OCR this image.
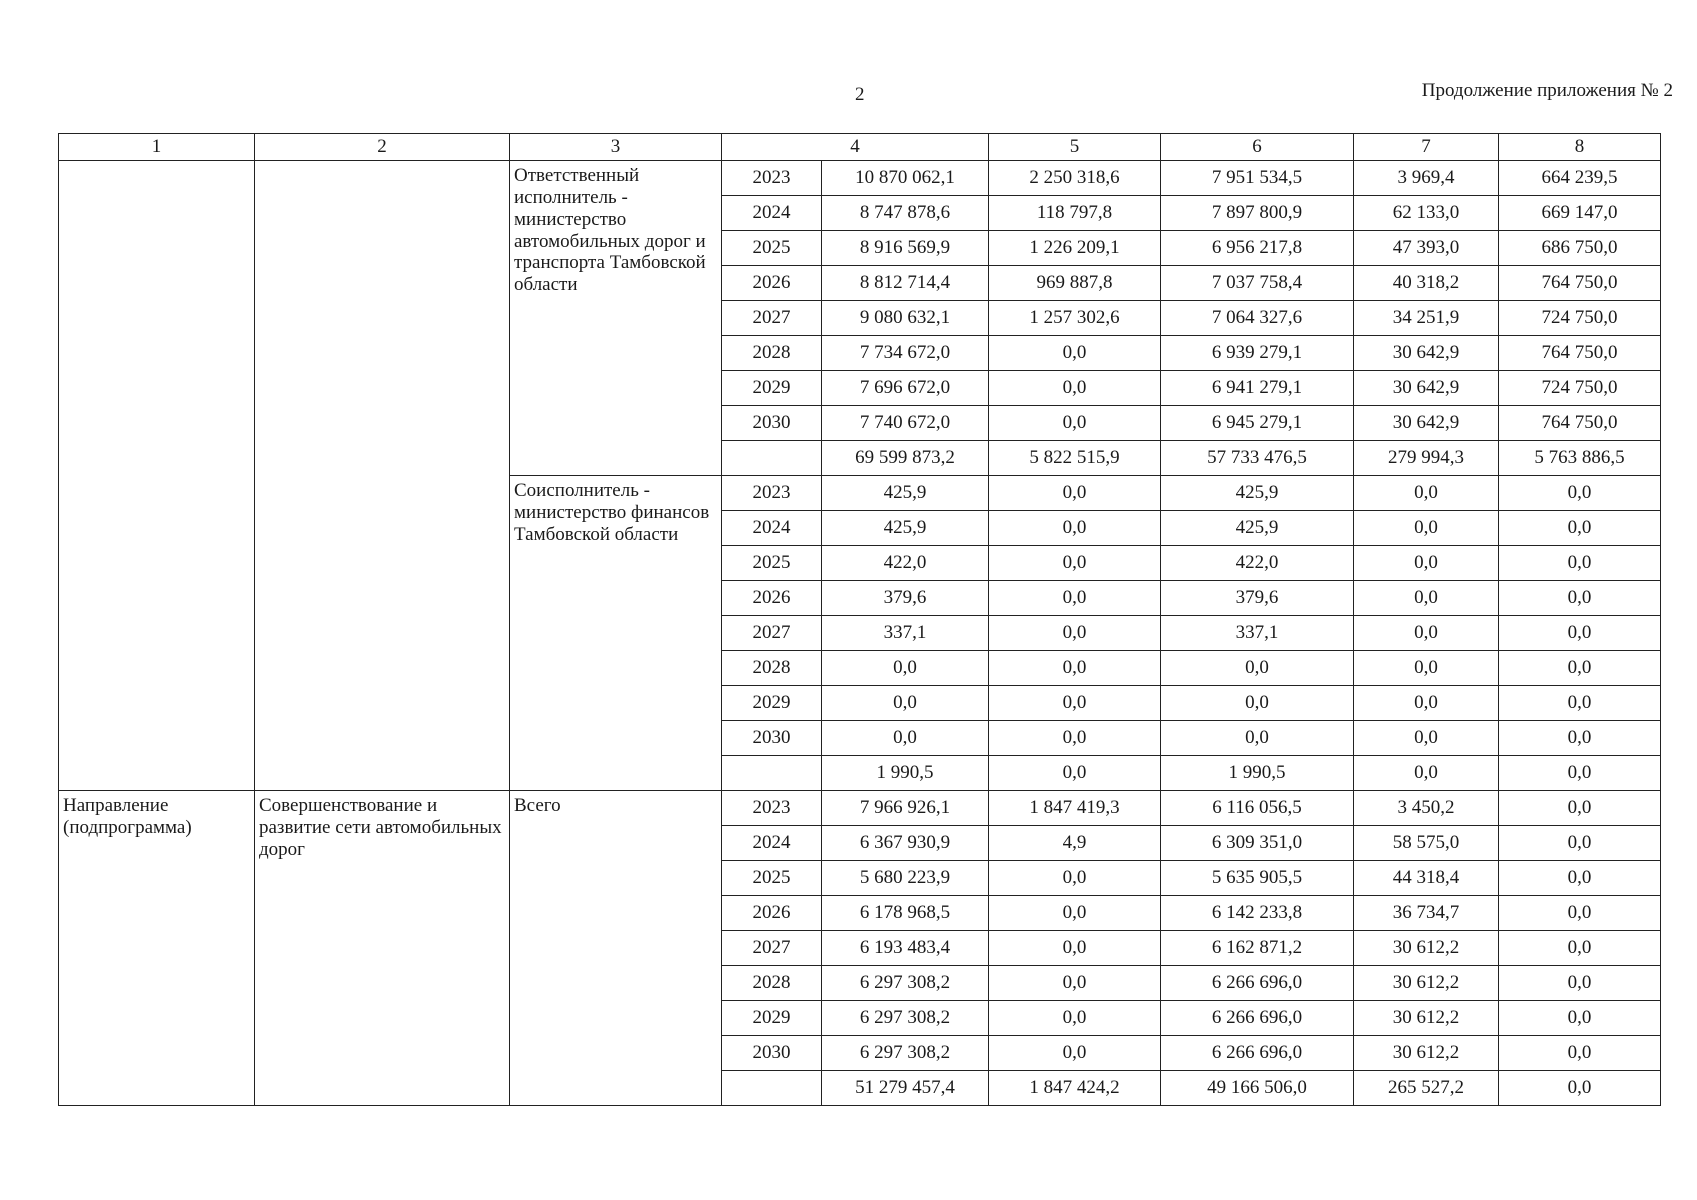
2	Продолжение приложения № 2
1	2	3	4		5	6	7	8
		Ответственный исполнитель - министерство автомобильных дорог и транспорта Тамбовской области	2023	10 870 062,1	2 250 318,6	7 951 534,5	3 969,4	664 239,5
			2024	8 747 878,6	118 797,8	7 897 800,9	62 133,0	669 147,0
			2025	8 916 569,9	1 226 209,1	6 956 217,8	47 393,0	686 750,0
			2026	8 812 714,4	969 887,8	7 037 758,4	40 318,2	764 750,0
			2027	9 080 632,1	1 257 302,6	7 064 327,6	34 251,9	724 750,0
			2028	7 734 672,0	0,0	6 939 279,1	30 642,9	764 750,0
			2029	7 696 672,0	0,0	6 941 279,1	30 642,9	724 750,0
			2030	7 740 672,0	0,0	6 945 279,1	30 642,9	764 750,0
				69 599 873,2	5 822 515,9	57 733 476,5	279 994,3	5 763 886,5
		Соисполнитель - министерство финансов Тамбовской области	2023	425,9	0,0	425,9	0,0	0,0
			2024	425,9	0,0	425,9	0,0	0,0
			2025	422,0	0,0	422,0	0,0	0,0
			2026	379,6	0,0	379,6	0,0	0,0
			2027	337,1	0,0	337,1	0,0	0,0
			2028	0,0	0,0	0,0	0,0	0,0
			2029	0,0	0,0	0,0	0,0	0,0
			2030	0,0	0,0	0,0	0,0	0,0
				1 990,5	0,0	1 990,5	0,0	0,0
Направление (подпрограмма)	Совершенствование и развитие сети автомобильных дорог	Всего	2023	7 966 926,1	1 847 419,3	6 116 056,5	3 450,2	0,0
			2024	6 367 930,9	4,9	6 309 351,0	58 575,0	0,0
			2025	5 680 223,9	0,0	5 635 905,5	44 318,4	0,0
			2026	6 178 968,5	0,0	6 142 233,8	36 734,7	0,0
			2027	6 193 483,4	0,0	6 162 871,2	30 612,2	0,0
			2028	6 297 308,2	0,0	6 266 696,0	30 612,2	0,0
			2029	6 297 308,2	0,0	6 266 696,0	30 612,2	0,0
			2030	6 297 308,2	0,0	6 266 696,0	30 612,2	0,0
				51 279 457,4	1 847 424,2	49 166 506,0	265 527,2	0,0
